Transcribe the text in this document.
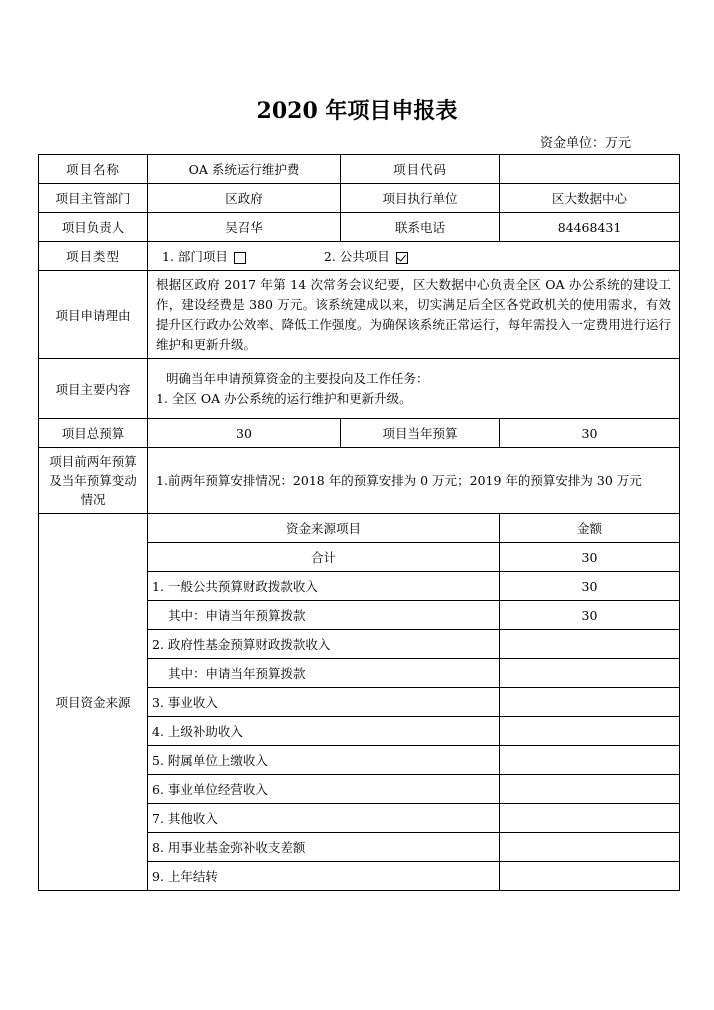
2020 年项目申报表
资金单位：万元
项目名称	OA 系统运行维护费	项目代码	
项目主管部门	区政府	项目执行单位	区大数据中心
项目负责人	吴召华	联系电话	84468431
项目类型	1. 部门项目 2. 公共项目		
项目申请理由	根据区政府 2017 年第 14 次常务会议纪要，区大数据中心负责全区 OA 办公系统的建设工作，建设经费是 380 万元。该系统建成以来，切实满足后全区各党政机关的使用需求，有效提升区行政办公效率、降低工作强度。为确保该系统正常运行，每年需投入一定费用进行运行维护和更新升级。		
项目主要内容	明确当年申请预算资金的主要投向及工作任务：
1. 全区 OA 办公系统的运行维护和更新升级。		

项目总预算	30	项目当年预算	30
项目前两年预算及当年预算变动情况	1.前两年预算安排情况：2018 年的预算安排为 0 万元；2019 年的预算安排为 30 万元		
项目资金来源	资金来源项目		金额
	合计		30
	1. 一般公共预算财政拨款收入		30
	其中：申请当年预算拨款		30
	2. 政府性基金预算财政拨款收入		
	其中：申请当年预算拨款		
	3. 事业收入		
	4. 上级补助收入		
	5. 附属单位上缴收入		
	6. 事业单位经营收入		
	7. 其他收入		
	8. 用事业基金弥补收支差额		
	9. 上年结转		
